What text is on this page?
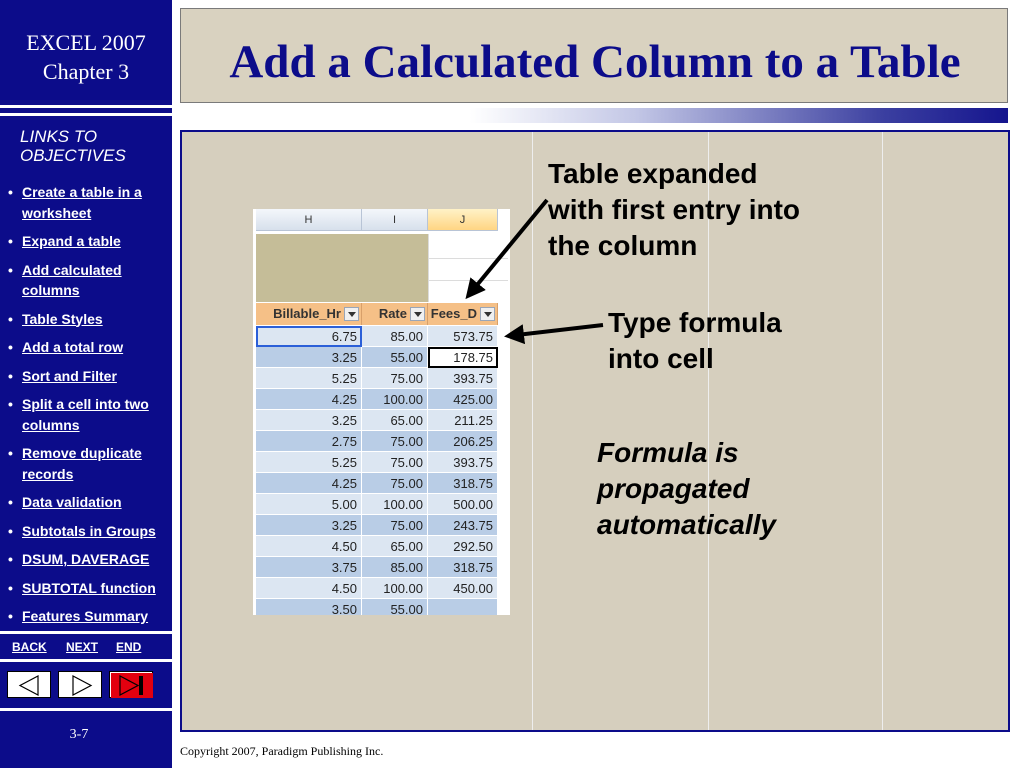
EXCEL 2007
Chapter 3
LINKS TO
OBJECTIVES
• Create a table in a worksheet
• Expand a table
• Add calculated columns
• Table Styles
• Add a total row
• Sort and Filter
• Split a cell into two columns
• Remove duplicate records
• Data validation
• Subtotals in Groups
• DSUM, DAVERAGE
• SUBTOTAL function
• Features Summary
BACK NEXT END
3-7
Add a Calculated Column to a Table
H	I	J
Billable_Hr	Rate	Fees_D
6.75	85.00	573.75
3.25	55.00	178.75
5.25	75.00	393.75
4.25	100.00	425.00
3.25	65.00	211.25
2.75	75.00	206.25
5.25	75.00	393.75
4.25	75.00	318.75
5.00	100.00	500.00
3.25	75.00	243.75
4.50	65.00	292.50
3.75	85.00	318.75
4.50	100.00	450.00
3.50	55.00
Table expanded
with first entry into
the column
Type formula
into cell
Formula is
propagated
automatically
Copyright 2007, Paradigm Publishing Inc.
